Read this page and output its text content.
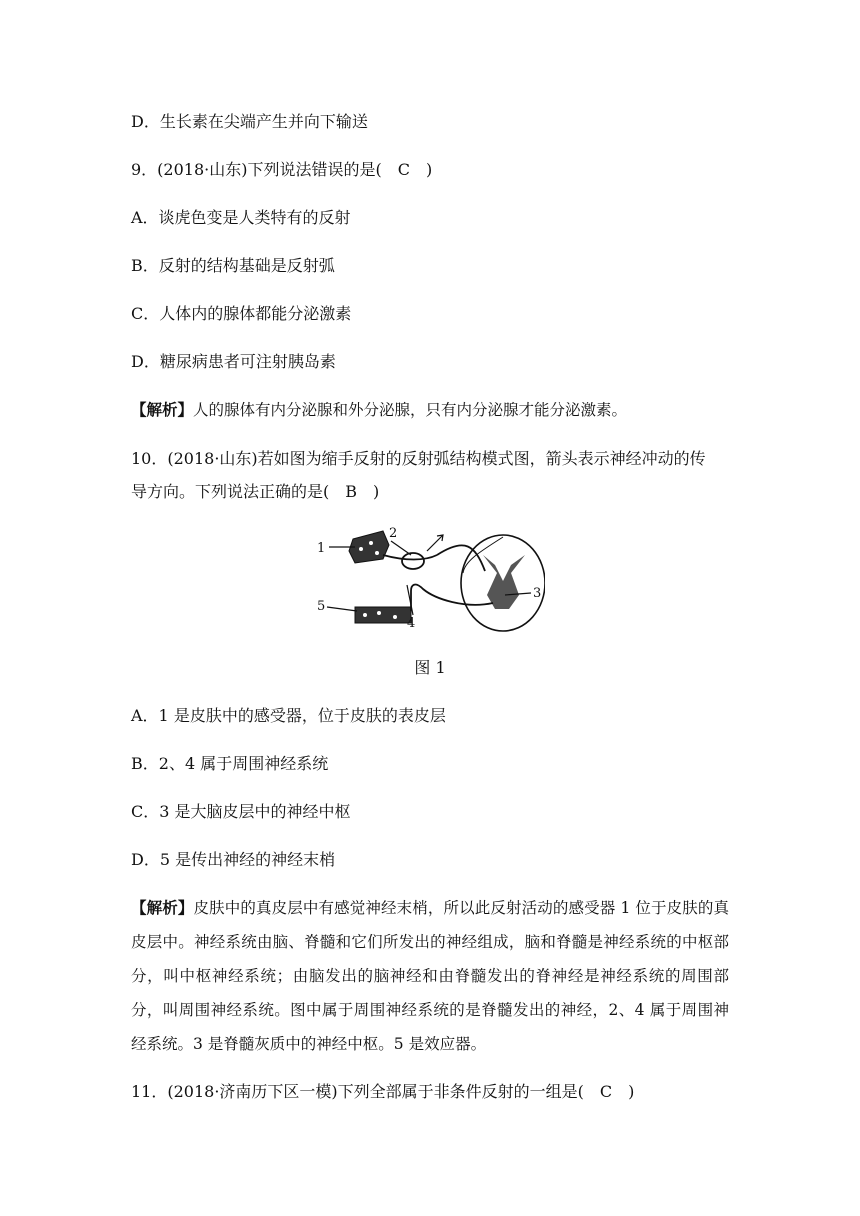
D．生长素在尖端产生并向下输送
9．(2018·山东)下列说法错误的是(　C　)
A．谈虎色变是人类特有的反射
B．反射的结构基础是反射弧
C．人体内的腺体都能分泌激素
D．糖尿病患者可注射胰岛素
【解析】人的腺体有内分泌腺和外分泌腺，只有内分泌腺才能分泌激素。
10．(2018·山东)若如图为缩手反射的反射弧结构模式图，箭头表示神经冲动的传
导方向。下列说法正确的是(　B　)
1
2
3
4
5
图 1
A．1 是皮肤中的感受器，位于皮肤的表皮层
B．2、4 属于周围神经系统
C．3 是大脑皮层中的神经中枢
D．5 是传出神经的神经末梢
【解析】皮肤中的真皮层中有感觉神经末梢，所以此反射活动的感受器 1 位于皮肤的真皮层中。神经系统由脑、脊髓和它们所发出的神经组成，脑和脊髓是神经系统的中枢部分，叫中枢神经系统；由脑发出的脑神经和由脊髓发出的脊神经是神经系统的周围部分，叫周围神经系统。图中属于周围神经系统的是脊髓发出的神经，2、4 属于周围神经系统。3 是脊髓灰质中的神经中枢。5 是效应器。
11．(2018·济南历下区一模)下列全部属于非条件反射的一组是(　C　)
